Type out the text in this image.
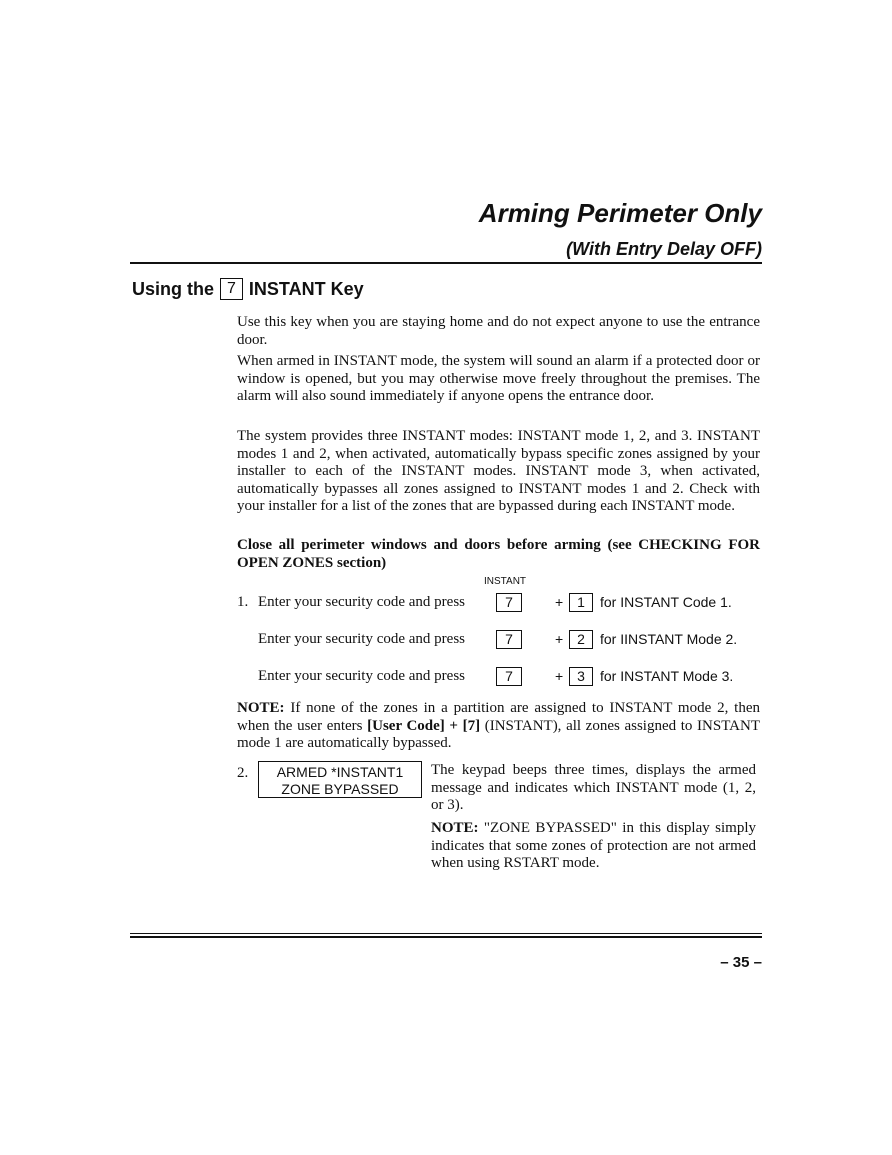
Arming Perimeter Only
(With Entry Delay OFF)
Using the 7 INSTANT Key
Use this key when you are staying home and do not expect anyone to use the entrance door.
When armed in INSTANT mode, the system will sound an alarm if a protected door or window is opened, but you may otherwise move freely throughout the premises. The alarm will also sound immediately if anyone opens the entrance door.
The system provides three INSTANT modes: INSTANT mode 1, 2, and 3. INSTANT modes 1 and 2, when activated, automatically bypass specific zones assigned by your installer to each of the INSTANT modes. INSTANT mode 3, when activated, automatically bypasses all zones assigned to INSTANT modes 1 and 2. Check with your installer for a list of the zones that are bypassed during each INSTANT mode.
Close all perimeter windows and doors before arming (see CHECKING FOR OPEN ZONES section)
INSTANT
1. Enter your security code and press	7	+ 1	for INSTANT Code 1.
Enter your security code and press	7	+ 2	for IINSTANT Mode 2.
Enter your security code and press	7	+ 3	for INSTANT Mode 3.
NOTE: If none of the zones in a partition are assigned to INSTANT mode 2, then when the user enters [User Code] + [7] (INSTANT), all zones assigned to INSTANT mode 1 are automatically bypassed.
2.	ARMED *INSTANT1
ZONE BYPASSED
The keypad beeps three times, displays the armed message and indicates which INSTANT mode (1, 2, or 3).
NOTE: "ZONE BYPASSED" in this display simply indicates that some zones of protection are not armed when using RSTART mode.
– 35 –
